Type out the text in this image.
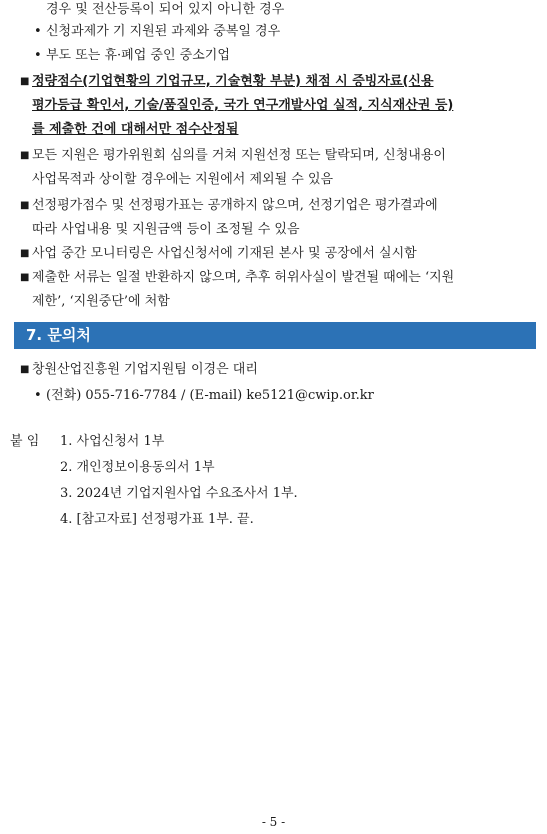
경우 및 전산등록이 되어 있지 아니한 경우
• 신청과제가 기 지원된 과제와 중복일 경우
• 부도 또는 휴·폐업 중인 중소기업
■ 정량점수(기업현황의 기업규모, 기술현황 부분) 채점 시 증빙자료(신용
평가등급 확인서, 기술/품질인증, 국가 연구개발사업 실적, 지식재산권 등)
를 제출한 건에 대해서만 점수산정됨
■ 모든 지원은 평가위원회 심의를 거쳐 지원선정 또는 탈락되며, 신청내용이
사업목적과 상이할 경우에는 지원에서 제외될 수 있음
■ 선정평가점수 및 선정평가표는 공개하지 않으며, 선정기업은 평가결과에
따라 사업내용 및 지원금액 등이 조정될 수 있음
■ 사업 중간 모니터링은 사업신청서에 기재된 본사 및 공장에서 실시함
■ 제출한 서류는 일절 반환하지 않으며, 추후 허위사실이 발견될 때에는 ‘지원
제한’, ‘지원중단’에 처함
7. 문의처
■ 창원산업진흥원 기업지원팀 이경은 대리
• (전화) 055-716-7784 / (E-mail) ke5121@cwip.or.kr
붙 임 1. 사업신청서 1부
2. 개인정보이용동의서 1부
3. 2024년 기업지원사업 수요조사서 1부.
4. [참고자료] 선정평가표 1부. 끝.
- 5 -
